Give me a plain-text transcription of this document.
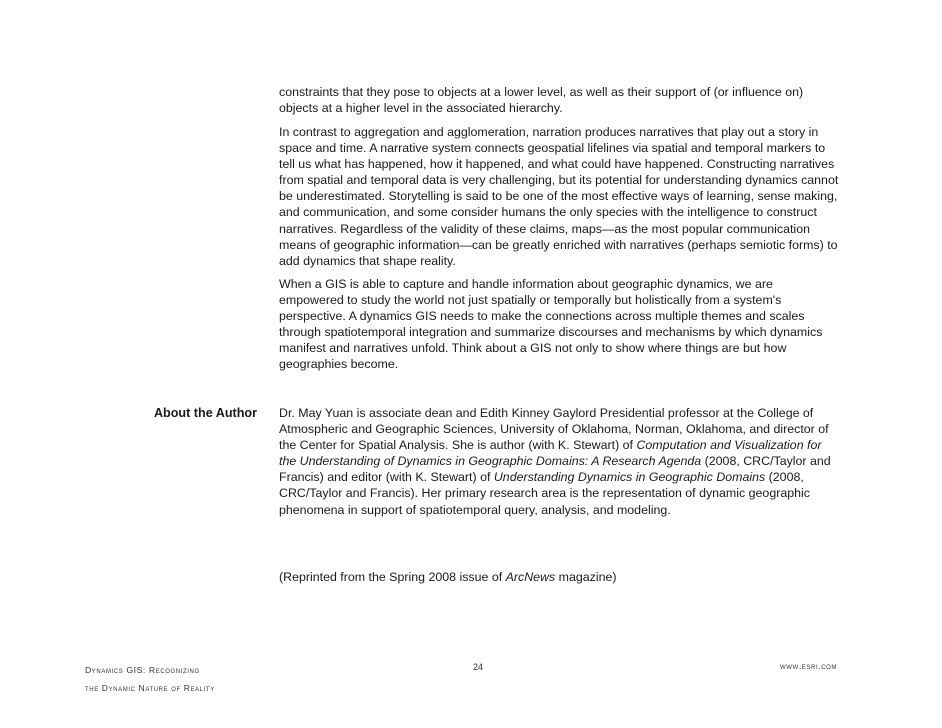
constraints that they pose to objects at a lower level, as well as their support of (or influence on) objects at a higher level in the associated hierarchy.

In contrast to aggregation and agglomeration, narration produces narratives that play out a story in space and time. A narrative system connects geospatial lifelines via spatial and temporal markers to tell us what has happened, how it happened, and what could have happened. Constructing narratives from spatial and temporal data is very challenging, but its potential for understanding dynamics cannot be underestimated. Storytelling is said to be one of the most effective ways of learning, sense making, and communication, and some consider humans the only species with the intelligence to construct narratives. Regardless of the validity of these claims, maps—as the most popular communication means of geographic information—can be greatly enriched with narratives (perhaps semiotic forms) to add dynamics that shape reality.

When a GIS is able to capture and handle information about geographic dynamics, we are empowered to study the world not just spatially or temporally but holistically from a system's perspective. A dynamics GIS needs to make the connections across multiple themes and scales through spatiotemporal integration and summarize discourses and mechanisms by which dynamics manifest and narratives unfold. Think about a GIS not only to show where things are but how geographies become.

About the Author Dr. May Yuan is associate dean and Edith Kinney Gaylord Presidential professor at the College of Atmospheric and Geographic Sciences, University of Oklahoma, Norman, Oklahoma, and director of the Center for Spatial Analysis. She is author (with K. Stewart) of Computation and Visualization for the Understanding of Dynamics in Geographic Domains: A Research Agenda (2008, CRC/Taylor and Francis) and editor (with K. Stewart) of Understanding Dynamics in Geographic Domains (2008, CRC/Taylor and Francis). Her primary research area is the representation of dynamic geographic phenomena in support of spatiotemporal query, analysis, and modeling.

(Reprinted from the Spring 2008 issue of ArcNews magazine)

Dynamics GIS: Recognizing
the Dynamic Nature of Reality
24	www.esri.com
